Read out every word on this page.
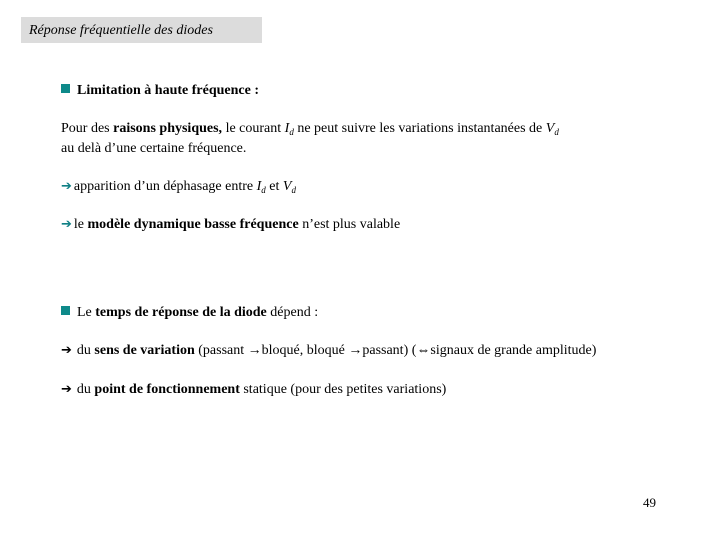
Réponse fréquentielle des diodes
Limitation à haute fréquence :
Pour des raisons physiques, le courant $I_d$ ne peut suivre les variations instantanées de $V_d$
au delà d’une certaine fréquence.
➔ apparition d’un déphasage entre $I_d$ et $V_d$
➔ le modèle dynamique basse fréquence n’est plus valable
Le temps de réponse de la diode dépend :
➔ du sens de variation (passant →bloqué, bloqué →passant) (⇔signaux de grande amplitude)
➔ du point de fonctionnement statique (pour des petites variations)
49
